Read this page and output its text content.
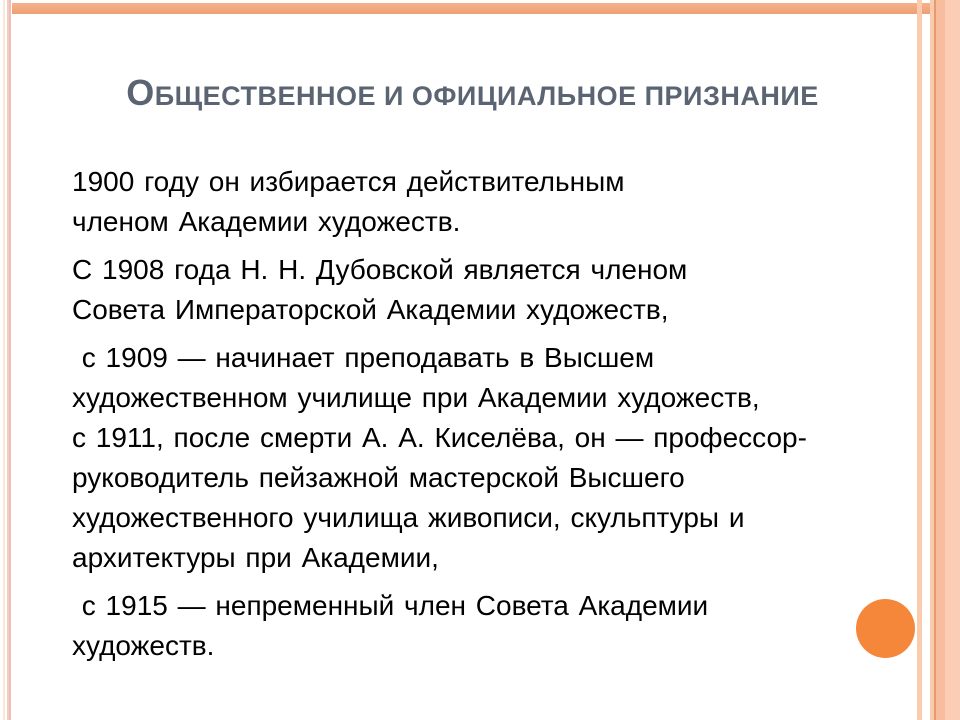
ОБЩЕСТВЕННОЕ И ОФИЦИАЛЬНОЕ ПРИЗНАНИЕ
1900 году он избирается действительным
членом Академии художеств.
С 1908 года Н. Н. Дубовской является членом
Совета Императорской Академии художеств,
с 1909 — начинает преподавать в Высшем
художественном училище при Академии художеств,
с 1911, после смерти А. А. Киселёва, он — профессор-
руководитель пейзажной мастерской Высшего
художественного училища живописи, скульптуры и
архитектуры при Академии,
с 1915 — непременный член Совета Академии
художеств.
